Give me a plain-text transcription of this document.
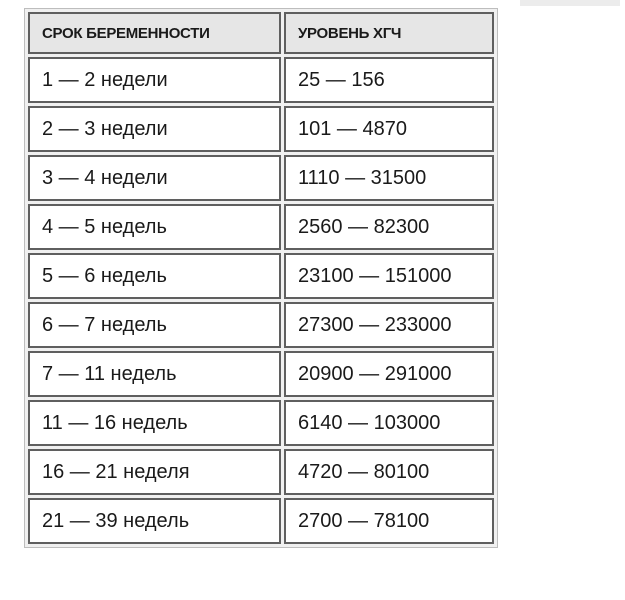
СРОК БЕРЕМЕННОСТИ	УРОВЕНЬ ХГЧ
1 — 2 недели	25 — 156
2 — 3 недели	101 — 4870
3 — 4 недели	1110 — 31500
4 — 5 недель	2560 — 82300
5 — 6 недель	23100 — 151000
6 — 7 недель	27300 — 233000
7 — 11 недель	20900 — 291000
11 — 16 недель	6140 — 103000
16 — 21 неделя	4720 — 80100
21 — 39 недель	2700 — 78100
